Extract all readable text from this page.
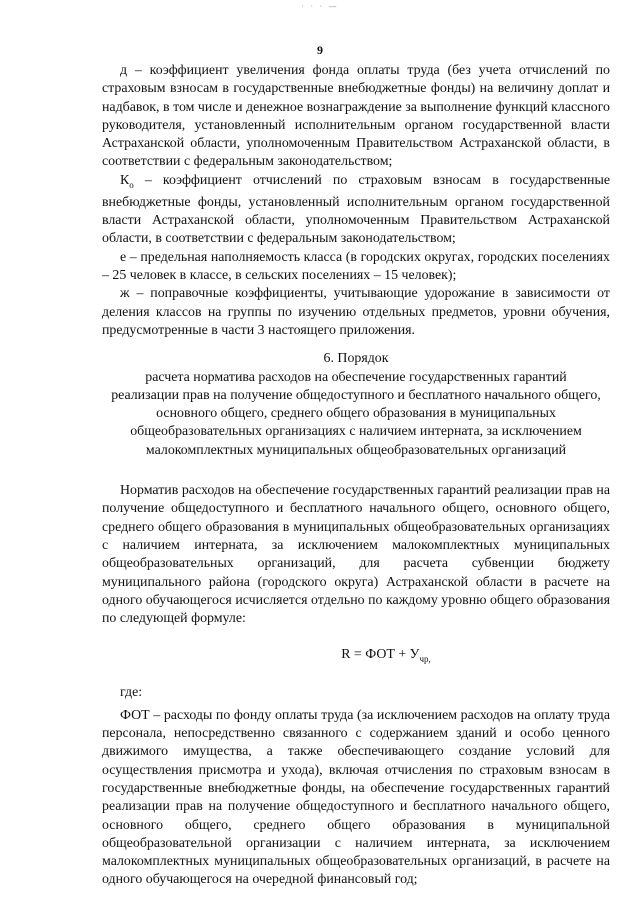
· · · —
9

д – коэффициент увеличения фонда оплаты труда (без учета отчислений по страховым взносам в государственные внебюджетные фонды) на величину доплат и надбавок, в том числе и денежное вознаграждение за выполнение функций классного руководителя, установленный исполнительным органом государственной власти Астраханской области, уполномоченным Правительством Астраханской области, в соответствии с федеральным законодательством;

$К_о$ – коэффициент отчислений по страховым взносам в государственные внебюджетные фонды, установленный исполнительным органом государственной власти Астраханской области, уполномоченным Правительством Астраханской области, в соответствии с федеральным законодательством;

е – предельная наполняемость класса (в городских округах, городских поселениях – 25 человек в классе, в сельских поселениях – 15 человек);

ж – поправочные коэффициенты, учитывающие удорожание в зависимости от деления классов на группы по изучению отдельных предметов, уровни обучения, предусмотренные в части 3 настоящего приложения.

6. Порядок
расчета норматива расходов на обеспечение государственных гарантий
реализации прав на получение общедоступного и бесплатного начального общего,
основного общего, среднего общего образования в муниципальных
общеобразовательных организациях с наличием интерната, за исключением
малокомплектных муниципальных общеобразовательных организаций

Норматив расходов на обеспечение государственных гарантий реализации прав на получение общедоступного и бесплатного начального общего, основного общего, среднего общего образования в муниципальных общеобразовательных организациях с наличием интерната, за исключением малокомплектных муниципальных общеобразовательных организаций, для расчета субвенции бюджету муниципального района (городского округа) Астраханской области в расчете на одного обучающегося исчисляется отдельно по каждому уровню общего образования по следующей формуле:

R = ФОТ + $У_{чр,}$

где:

ФОТ – расходы по фонду оплаты труда (за исключением расходов на оплату труда персонала, непосредственно связанного с содержанием зданий и особо ценного движимого имущества, а также обеспечивающего создание условий для осуществления присмотра и ухода), включая отчисления по страховым взносам в государственные внебюджетные фонды, на обеспечение государственных гарантий реализации прав на получение общедоступного и бесплатного начального общего, основного общего, среднего общего образования в муниципальной общеобразовательной организации с наличием интерната, за исключением малокомплектных муниципальных общеобразовательных организаций, в расчете на одного обучающегося на очередной финансовый год;
